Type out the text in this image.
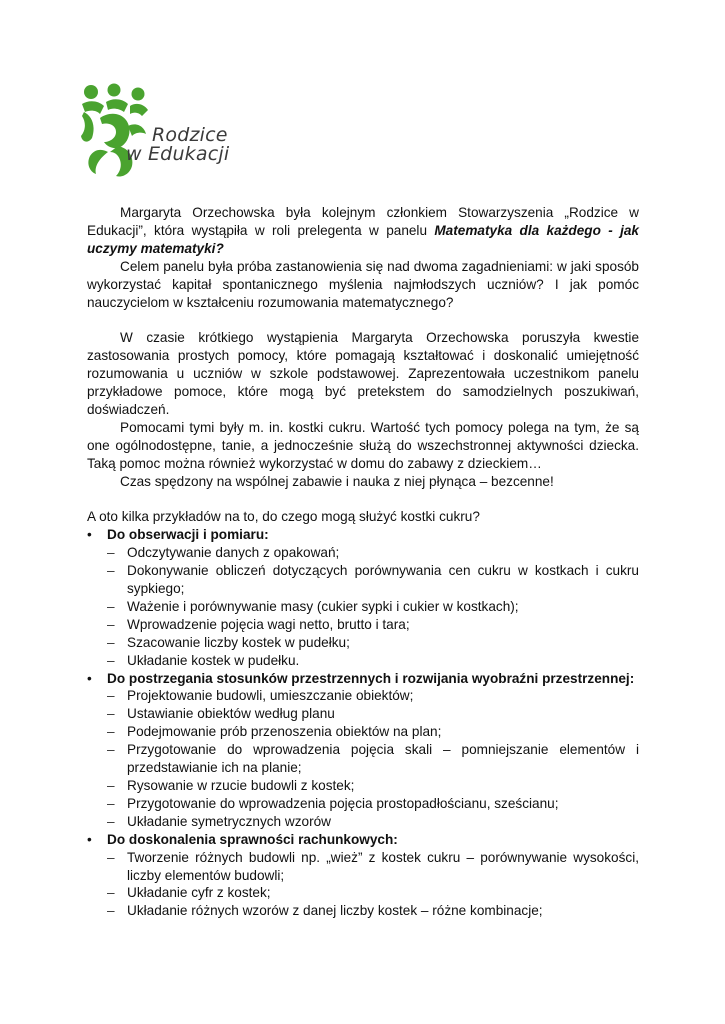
Rodzice
w Edukacji

Margaryta Orzechowska była kolejnym członkiem Stowarzyszenia „Rodzice w Edukacji”, która wystąpiła w roli prelegenta w panelu Matematyka dla każdego - jak uczymy matematyki?

Celem panelu była próba zastanowienia się nad dwoma zagadnieniami: w jaki sposób wykorzystać kapitał spontanicznego myślenia najmłodszych uczniów? I jak pomóc nauczycielom w kształceniu rozumowania matematycznego?

W czasie krótkiego wystąpienia Margaryta Orzechowska poruszyła kwestie zastosowania prostych pomocy, które pomagają kształtować i doskonalić umiejętność rozumowania u uczniów w szkole podstawowej. Zaprezentowała uczestnikom panelu przykładowe pomoce, które mogą być pretekstem do samodzielnych poszukiwań, doświadczeń.

Pomocami tymi były m. in. kostki cukru. Wartość tych pomocy polega na tym, że są one ogólnodostępne, tanie, a jednocześnie służą do wszechstronnej aktywności dziecka. Taką pomoc można również wykorzystać w domu do zabawy z dzieckiem…

Czas spędzony na wspólnej zabawie i nauka z niej płynąca – bezcenne!

A oto kilka przykładów na to, do czego mogą służyć kostki cukru?

• Do obserwacji i pomiaru:
– Odczytywanie danych z opakowań;
– Dokonywanie obliczeń dotyczących porównywania cen cukru w kostkach i cukru sypkiego;
– Ważenie i porównywanie masy (cukier sypki i cukier w kostkach);
– Wprowadzenie pojęcia wagi netto, brutto i tara;
– Szacowanie liczby kostek w pudełku;
– Układanie kostek w pudełku.
• Do postrzegania stosunków przestrzennych i rozwijania wyobraźni przestrzennej:
– Projektowanie budowli, umieszczanie obiektów;
– Ustawianie obiektów według planu
– Podejmowanie prób przenoszenia obiektów na plan;
– Przygotowanie do wprowadzenia pojęcia skali – pomniejszanie elementów i przedstawianie ich na planie;
– Rysowanie w rzucie budowli z kostek;
– Przygotowanie do wprowadzenia pojęcia prostopadłościanu, sześcianu;
– Układanie symetrycznych wzorów
• Do doskonalenia sprawności rachunkowych:
– Tworzenie różnych budowli np. „wież” z kostek cukru – porównywanie wysokości, liczby elementów budowli;
– Układanie cyfr z kostek;
– Układanie różnych wzorów z danej liczby kostek – różne kombinacje;
